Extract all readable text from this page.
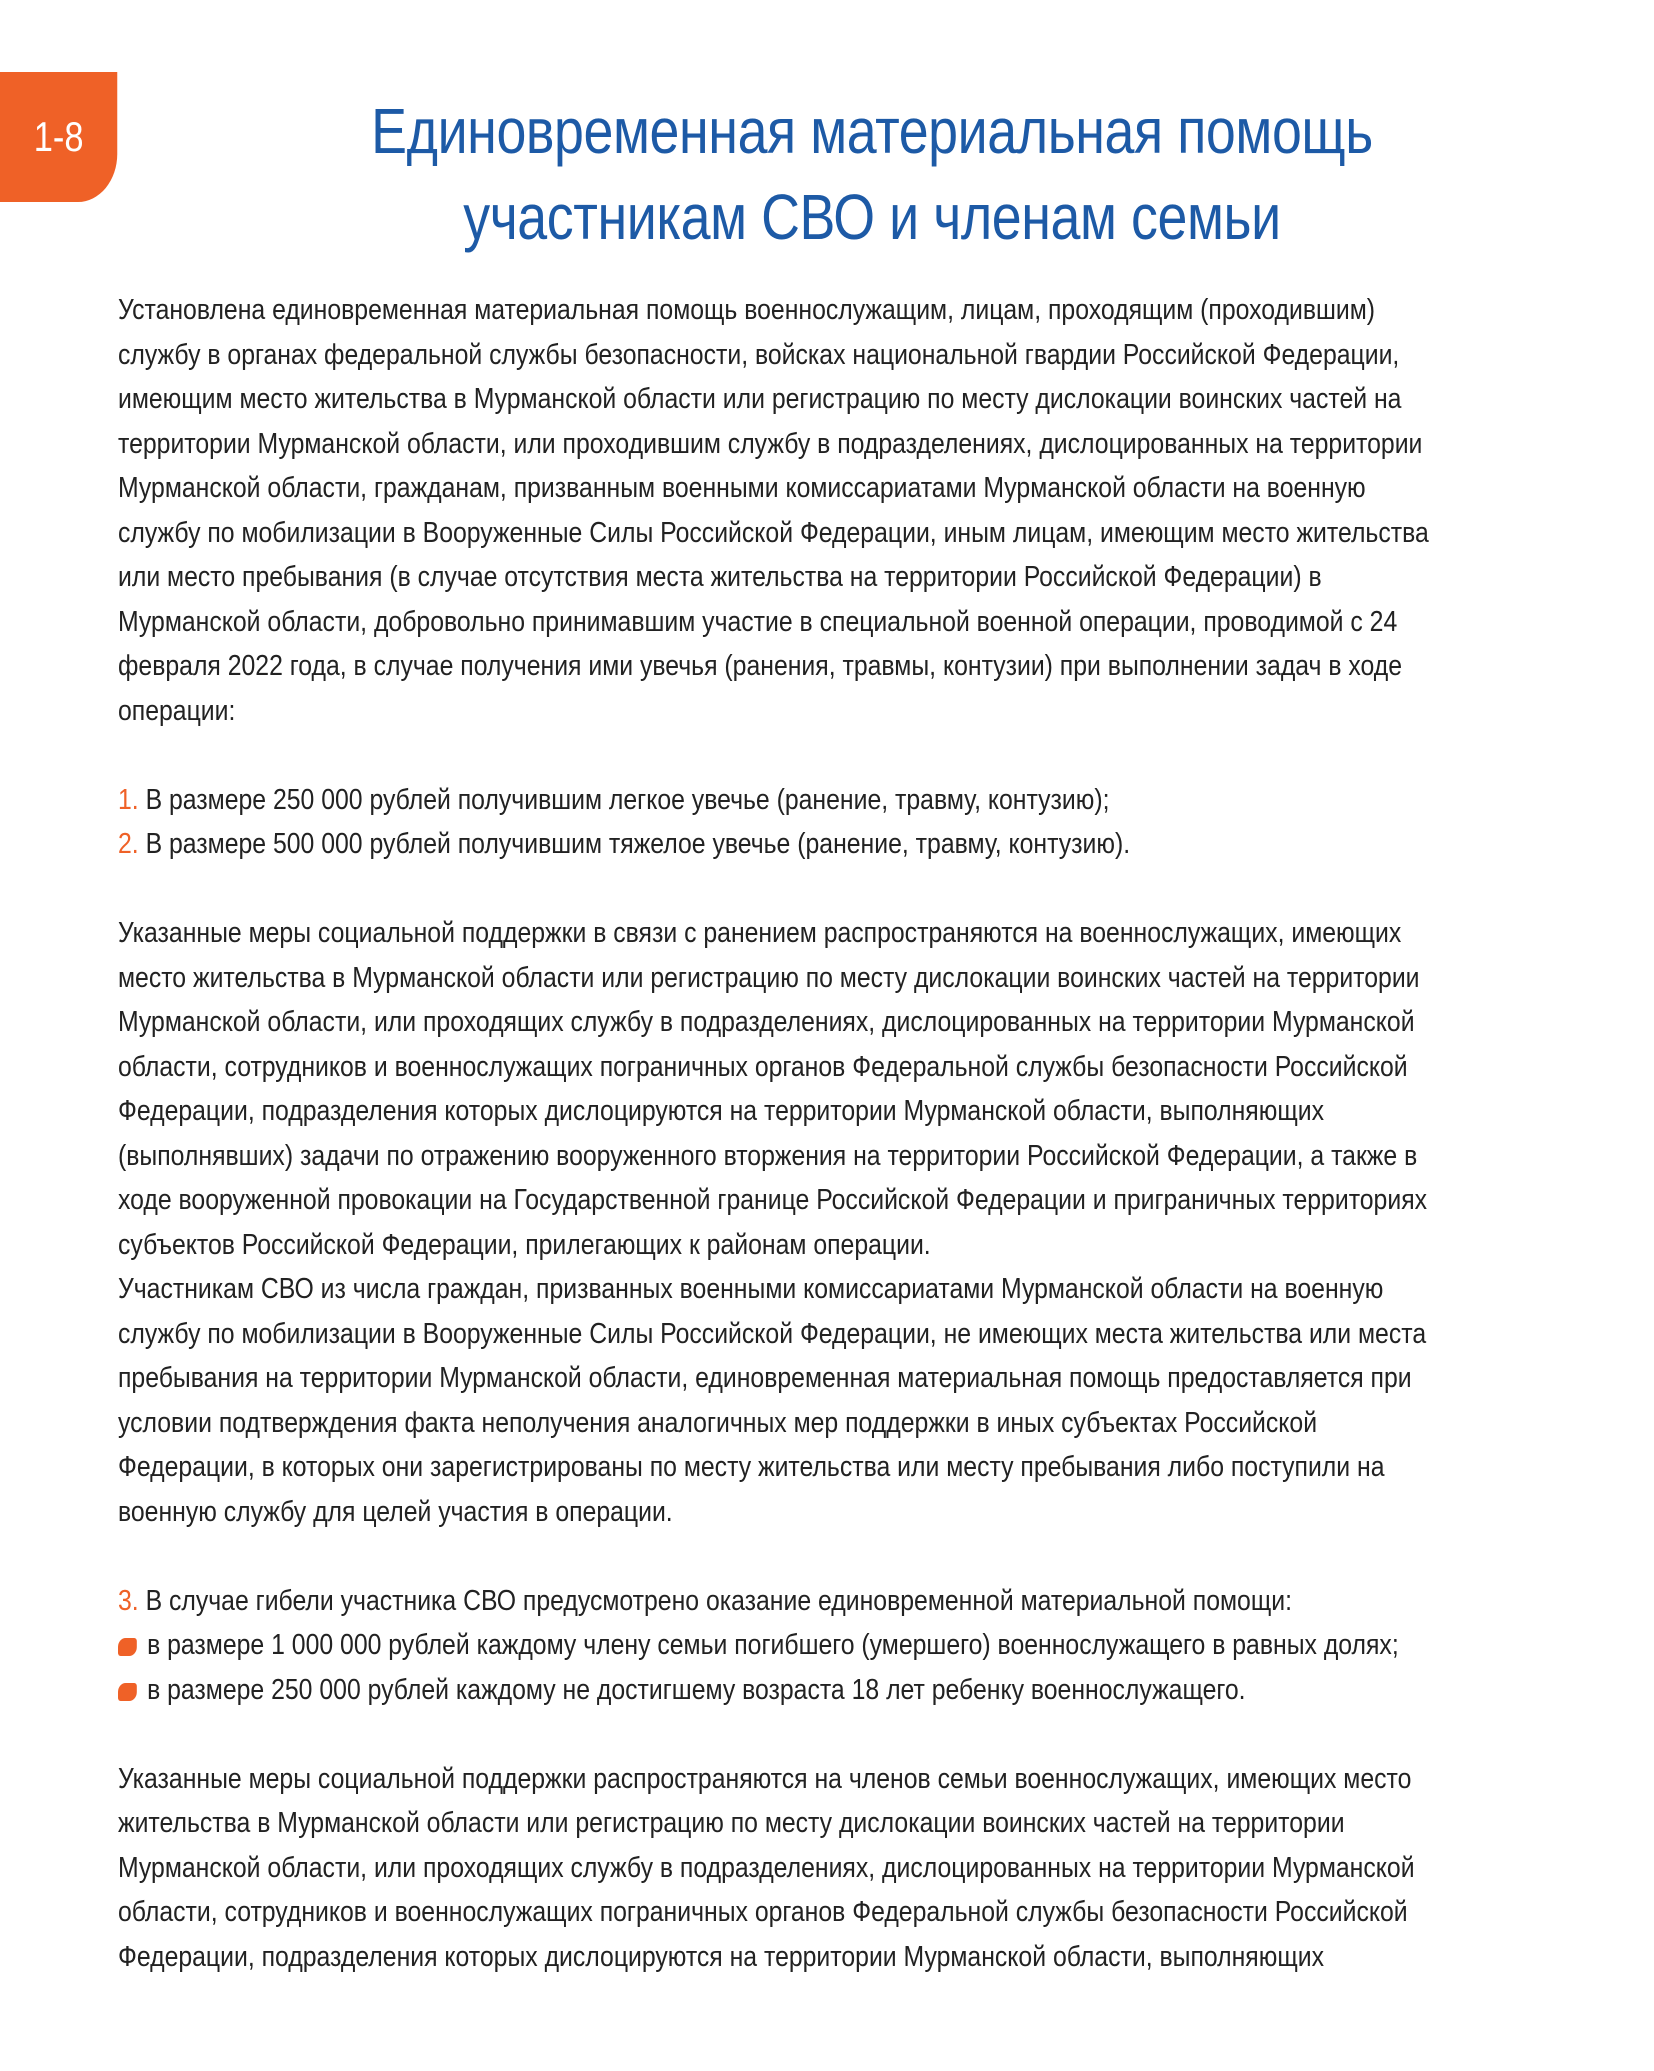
1-8	Единовременная материальная помощь
участникам СВО и членам семьи
Установлена единовременная материальная помощь военнослужащим, лицам, проходящим (проходившим)
службу в органах федеральной службы безопасности, войсках национальной гвардии Российской Федерации,
имеющим место жительства в Мурманской области или регистрацию по месту дислокации воинских частей на
территории Мурманской области, или проходившим службу в подразделениях, дислоцированных на территории
Мурманской области, гражданам, призванным военными комиссариатами Мурманской области на военную
службу по мобилизации в Вооруженные Силы Российской Федерации, иным лицам, имеющим место жительства
или место пребывания (в случае отсутствия места жительства на территории Российской Федерации) в
Мурманской области, добровольно принимавшим участие в специальной военной операции, проводимой с 24
февраля 2022 года, в случае получения ими увечья (ранения, травмы, контузии) при выполнении задач в ходе
операции:
1. В размере 250 000 рублей получившим легкое увечье (ранение, травму, контузию);
2. В размере 500 000 рублей получившим тяжелое увечье (ранение, травму, контузию).
Указанные меры социальной поддержки в связи с ранением распространяются на военнослужащих, имеющих
место жительства в Мурманской области или регистрацию по месту дислокации воинских частей на территории
Мурманской области, или проходящих службу в подразделениях, дислоцированных на территории Мурманской
области, сотрудников и военнослужащих пограничных органов Федеральной службы безопасности Российской
Федерации, подразделения которых дислоцируются на территории Мурманской области, выполняющих
(выполнявших) задачи по отражению вооруженного вторжения на территории Российской Федерации, а также в
ходе вооруженной провокации на Государственной границе Российской Федерации и приграничных территориях
субъектов Российской Федерации, прилегающих к районам операции.
Участникам СВО из числа граждан, призванных военными комиссариатами Мурманской области на военную
службу по мобилизации в Вооруженные Силы Российской Федерации, не имеющих места жительства или места
пребывания на территории Мурманской области, единовременная материальная помощь предоставляется при
условии подтверждения факта неполучения аналогичных мер поддержки в иных субъектах Российской
Федерации, в которых они зарегистрированы по месту жительства или месту пребывания либо поступили на
военную службу для целей участия в операции.
3. В случае гибели участника СВО предусмотрено оказание единовременной материальной помощи:
в размере 1 000 000 рублей каждому члену семьи погибшего (умершего) военнослужащего в равных долях;
в размере 250 000 рублей каждому не достигшему возраста 18 лет ребенку военнослужащего.
Указанные меры социальной поддержки распространяются на членов семьи военнослужащих, имеющих место
жительства в Мурманской области или регистрацию по месту дислокации воинских частей на территории
Мурманской области, или проходящих службу в подразделениях, дислоцированных на территории Мурманской
области, сотрудников и военнослужащих пограничных органов Федеральной службы безопасности Российской
Федерации, подразделения которых дислоцируются на территории Мурманской области, выполняющих
